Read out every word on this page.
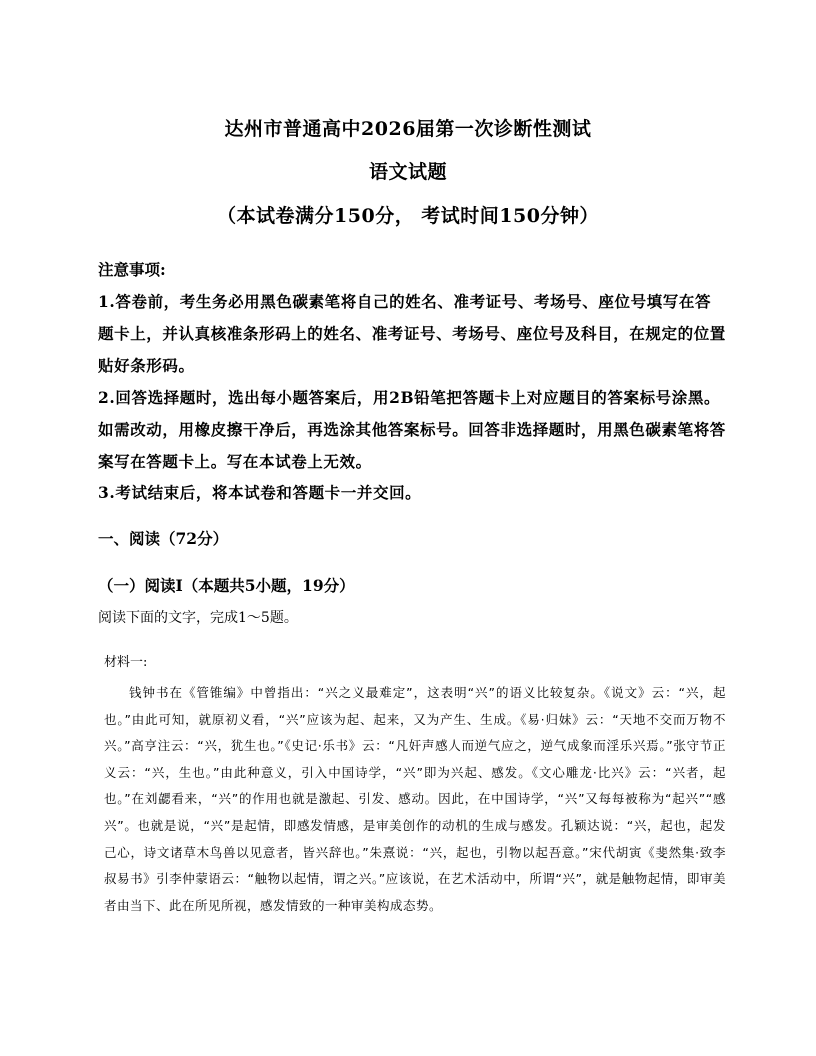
达州市普通高中2026届第一次诊断性测试
语文试题
（本试卷满分150分， 考试时间150分钟）
注意事项:
1.答卷前，考生务必用黑色碳素笔将自己的姓名、准考证号、考场号、座位号填写在答题卡上，并认真核准条形码上的姓名、准考证号、考场号、座位号及科目，在规定的位置贴好条形码。
2.回答选择题时，选出每小题答案后，用2B铅笔把答题卡上对应题目的答案标号涂黑。如需改动，用橡皮擦干净后，再选涂其他答案标号。回答非选择题时，用黑色碳素笔将答案写在答题卡上。写在本试卷上无效。
3.考试结束后，将本试卷和答题卡一并交回。
一、阅读（72分）
（一）阅读I（本题共5小题，19分）
阅读下面的文字，完成1～5题。
材料一:
钱钟书在《管锥编》中曾指出：“兴之义最难定”，这表明“兴”的语义比较复杂。《说文》云：“兴，起也。”由此可知，就原初义看，“兴”应该为起、起来，又为产生、生成。《易·归妹》云：“天地不交而万物不兴。”高亨注云：“兴，犹生也。”《史记·乐书》云：“凡奸声感人而逆气应之，逆气成象而淫乐兴焉。”张守节正义云：“兴，生也。”由此种意义，引入中国诗学，“兴”即为兴起、感发。《文心雕龙·比兴》云：“兴者，起也。”在刘勰看来，“兴”的作用也就是激起、引发、感动。因此，在中国诗学，“兴”又每每被称为“起兴”“感兴”。也就是说，“兴”是起情，即感发情感，是审美创作的动机的生成与感发。孔颖达说：“兴，起也，起发己心，诗文诸草木鸟兽以见意者，皆兴辞也。”朱熹说：“兴，起也，引物以起吾意。”宋代胡寅《斐然集·致李叔易书》引李仲蒙语云：“触物以起情，谓之兴。”应该说，在艺术活动中，所谓“兴”，就是触物起情，即审美者由当下、此在所见所视，感发情致的一种审美构成态势。
